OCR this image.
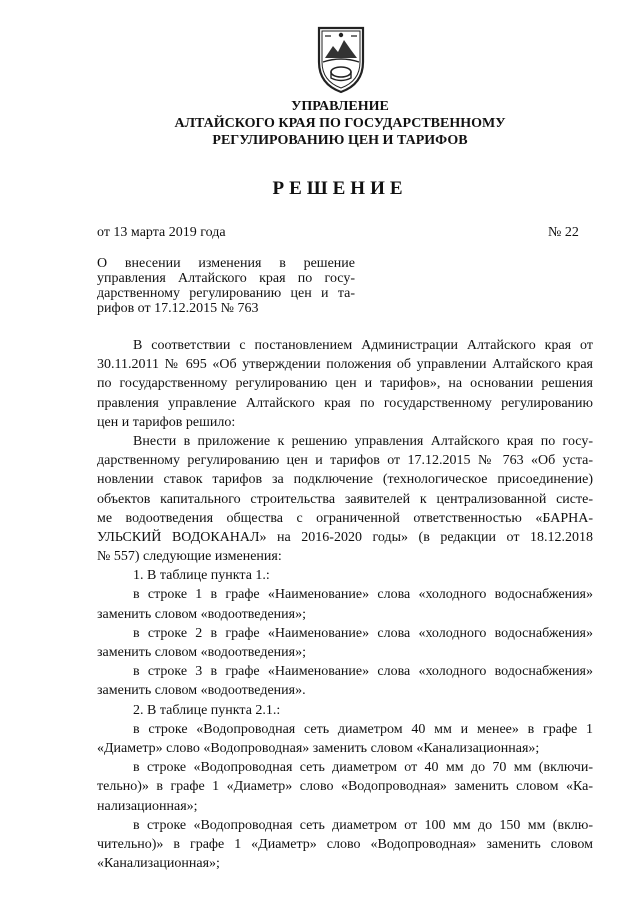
УПРАВЛЕНИЕ
АЛТАЙСКОГО КРАЯ ПО ГОСУДАРСТВЕННОМУ
РЕГУЛИРОВАНИЮ ЦЕН И ТАРИФОВ
РЕШЕНИЕ
от 13 марта 2019 года	№ 22
О внесении изменения в решение
управления Алтайского края по госу-
дарственному регулированию цен и та-
рифов от 17.12.2015 № 763
В соответствии с постановлением Администрации Алтайского края от
30.11.2011 № 695 «Об утверждении положения об управлении Алтайского края
по государственному регулированию цен и тарифов», на основании решения
правления управление Алтайского края по государственному регулированию
цен и тарифов решило:
Внести в приложение к решению управления Алтайского края по госу-
дарственному регулированию цен и тарифов от 17.12.2015 № 763 «Об уста-
новлении ставок тарифов за подключение (технологическое присоединение)
объектов капитального строительства заявителей к централизованной систе-
ме водоотведения общества с ограниченной ответственностью «БАРНА-
УЛЬСКИЙ ВОДОКАНАЛ» на 2016-2020 годы» (в редакции от 18.12.2018
№ 557) следующие изменения:
1. В таблице пункта 1.:
в строке 1 в графе «Наименование» слова «холодного водоснабжения»
заменить словом «водоотведения»;
в строке 2 в графе «Наименование» слова «холодного водоснабжения»
заменить словом «водоотведения»;
в строке 3 в графе «Наименование» слова «холодного водоснабжения»
заменить словом «водоотведения».
2. В таблице пункта 2.1.:
в строке «Водопроводная сеть диаметром 40 мм и менее» в графе 1
«Диаметр» слово «Водопроводная» заменить словом «Канализационная»;
в строке «Водопроводная сеть диаметром от 40 мм до 70 мм (включи-
тельно)» в графе 1 «Диаметр» слово «Водопроводная» заменить словом «Ка-
нализационная»;
в строке «Водопроводная сеть диаметром от 100 мм до 150 мм (вклю-
чительно)» в графе 1 «Диаметр» слово «Водопроводная» заменить словом
«Канализационная»;
